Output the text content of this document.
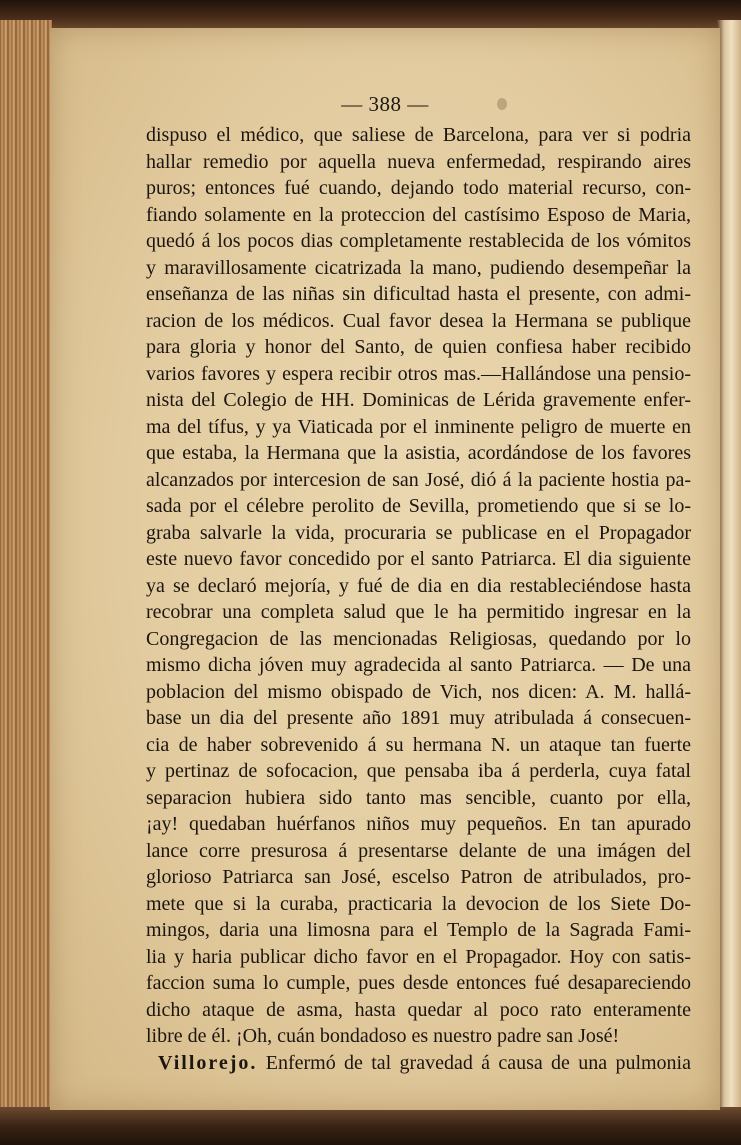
— 388 —
dispuso el médico, que saliese de Barcelona, para ver si podria
hallar remedio por aquella nueva enfermedad, respirando aires
puros; entonces fué cuando, dejando todo material recurso, con-
fiando solamente en la proteccion del castísimo Esposo de Maria,
quedó á los pocos dias completamente restablecida de los vómitos
y maravillosamente cicatrizada la mano, pudiendo desempeñar la
enseñanza de las niñas sin dificultad hasta el presente, con admi-
racion de los médicos. Cual favor desea la Hermana se publique
para gloria y honor del Santo, de quien confiesa haber recibido
varios favores y espera recibir otros mas.—Hallándose una pensio-
nista del Colegio de HH. Dominicas de Lérida gravemente enfer-
ma del tífus, y ya Viaticada por el inminente peligro de muerte en
que estaba, la Hermana que la asistia, acordándose de los favores
alcanzados por intercesion de san José, dió á la paciente hostia pa-
sada por el célebre perolito de Sevilla, prometiendo que si se lo-
graba salvarle la vida, procuraria se publicase en el Propagador
este nuevo favor concedido por el santo Patriarca. El dia siguiente
ya se declaró mejoría, y fué de dia en dia restableciéndose hasta
recobrar una completa salud que le ha permitido ingresar en la
Congregacion de las mencionadas Religiosas, quedando por lo
mismo dicha jóven muy agradecida al santo Patriarca. — De una
poblacion del mismo obispado de Vich, nos dicen: A. M. hallá-
base un dia del presente año 1891 muy atribulada á consecuen-
cia de haber sobrevenido á su hermana N. un ataque tan fuerte
y pertinaz de sofocacion, que pensaba iba á perderla, cuya fatal
separacion hubiera sido tanto mas sencible, cuanto por ella,
¡ay! quedaban huérfanos niños muy pequeños. En tan apurado
lance corre presurosa á presentarse delante de una imágen del
glorioso Patriarca san José, escelso Patron de atribulados, pro-
mete que si la curaba, practicaria la devocion de los Siete Do-
mingos, daria una limosna para el Templo de la Sagrada Fami-
lia y haria publicar dicho favor en el Propagador. Hoy con satis-
faccion suma lo cumple, pues desde entonces fué desapareciendo
dicho ataque de asma, hasta quedar al poco rato enteramente
libre de él. ¡Oh, cuán bondadoso es nuestro padre san José!
Villorejo. Enfermó de tal gravedad á causa de una pulmonia
